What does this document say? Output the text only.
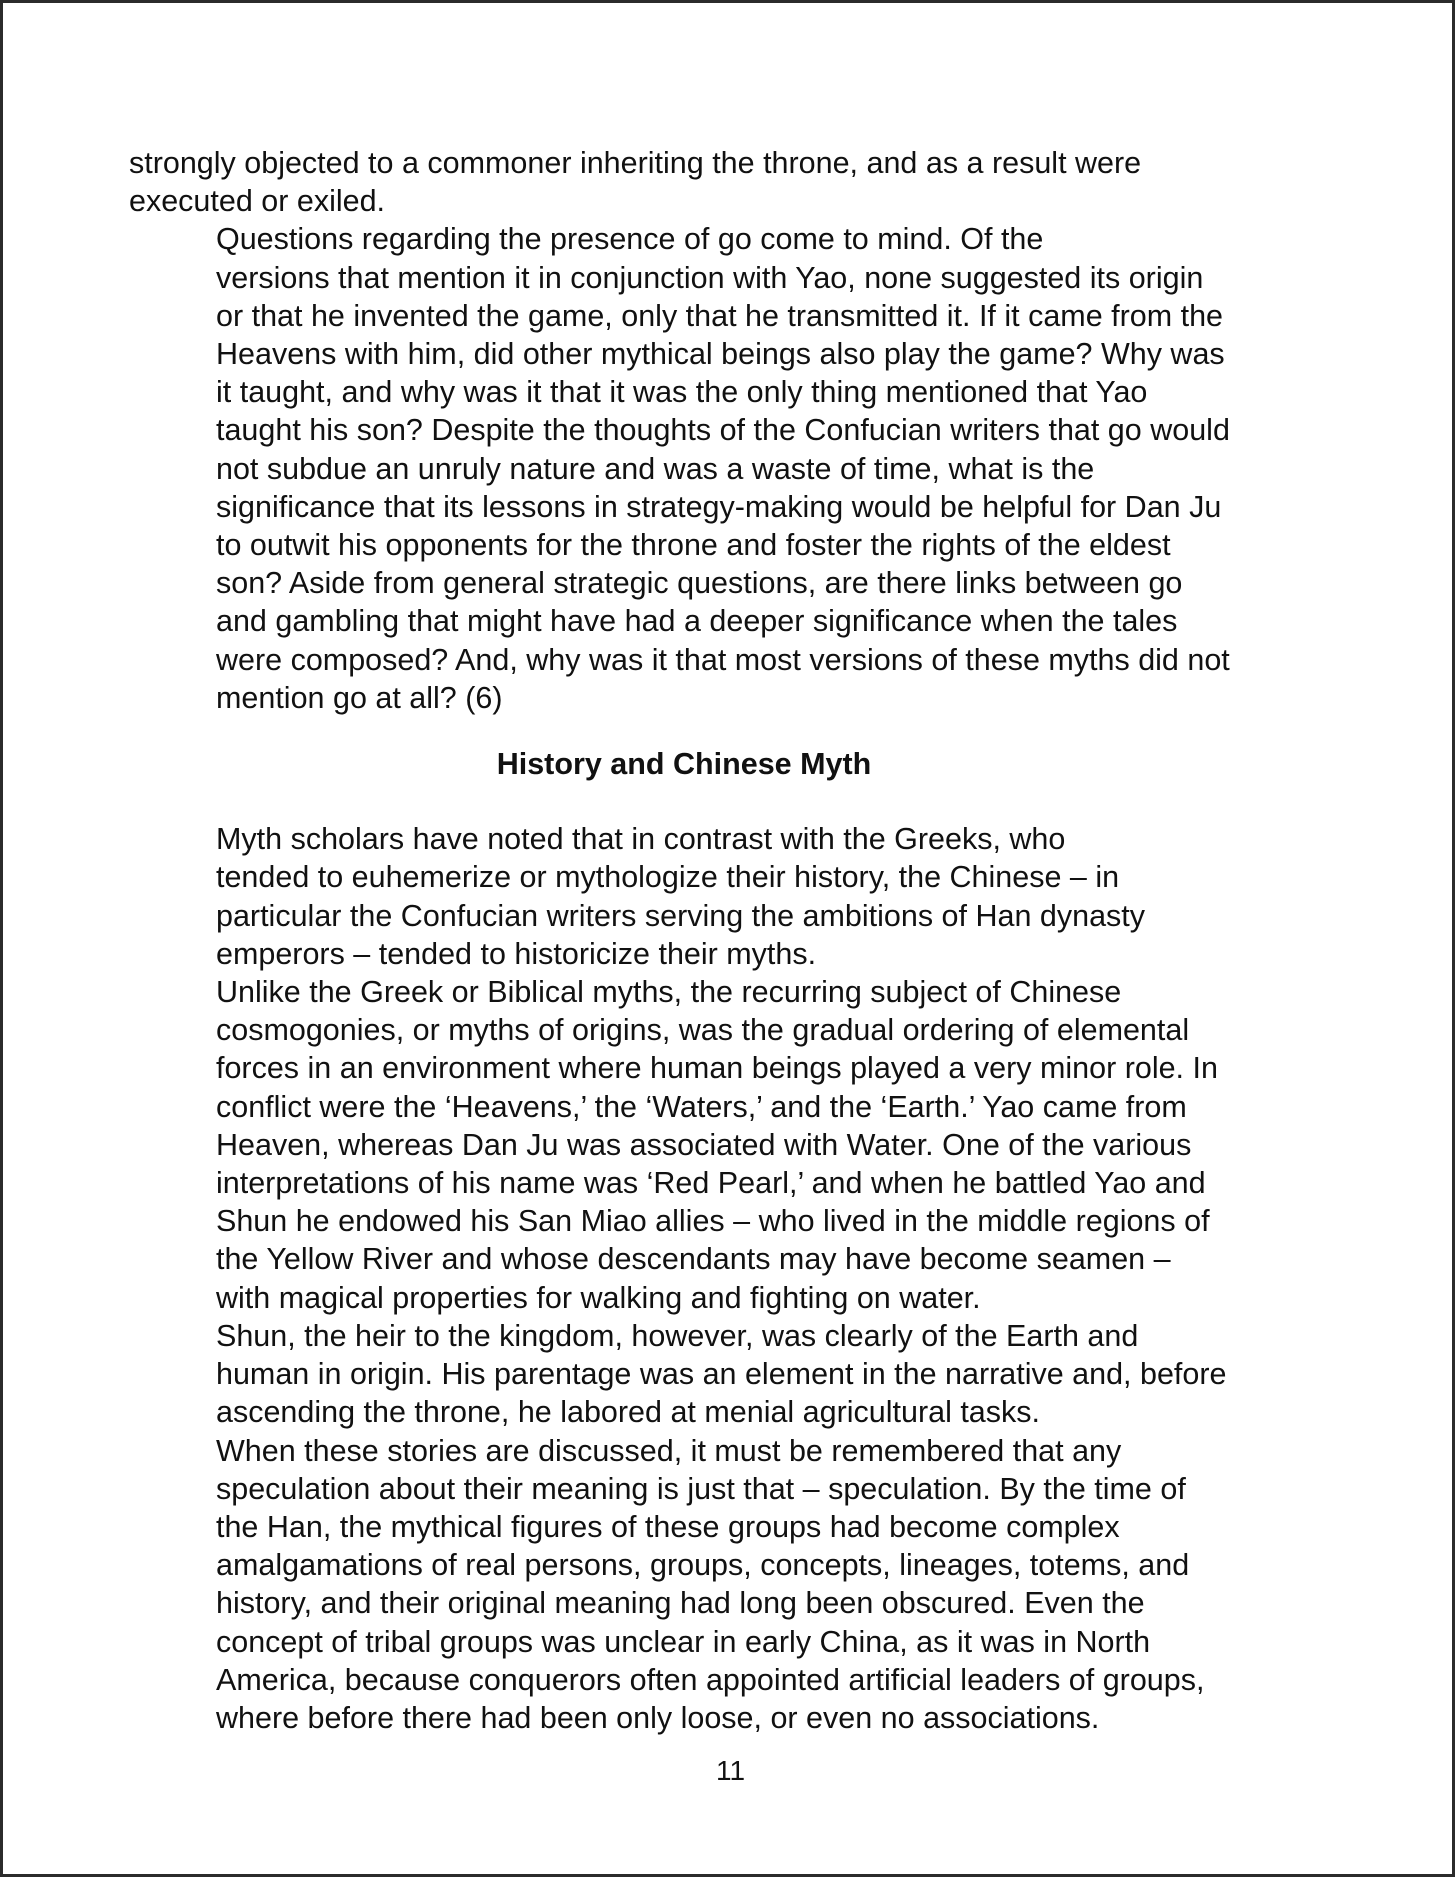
strongly objected to a commoner inheriting the throne, and as a result were
executed or exiled.

Questions regarding the presence of go come to mind. Of the
versions that mention it in conjunction with Yao, none suggested its origin
or that he invented the game, only that he transmitted it. If it came from the
Heavens with him, did other mythical beings also play the game? Why was
it taught, and why was it that it was the only thing mentioned that Yao
taught his son? Despite the thoughts of the Confucian writers that go would
not subdue an unruly nature and was a waste of time, what is the
significance that its lessons in strategy-making would be helpful for Dan Ju
to outwit his opponents for the throne and foster the rights of the eldest
son? Aside from general strategic questions, are there links between go
and gambling that might have had a deeper significance when the tales
were composed? And, why was it that most versions of these myths did not
mention go at all? (6)

History and Chinese Myth

Myth scholars have noted that in contrast with the Greeks, who
tended to euhemerize or mythologize their history, the Chinese – in
particular the Confucian writers serving the ambitions of Han dynasty
emperors – tended to historicize their myths.

Unlike the Greek or Biblical myths, the recurring subject of Chinese
cosmogonies, or myths of origins, was the gradual ordering of elemental
forces in an environment where human beings played a very minor role. In
conflict were the ‘Heavens,’ the ‘Waters,’ and the ‘Earth.’ Yao came from
Heaven, whereas Dan Ju was associated with Water. One of the various
interpretations of his name was ‘Red Pearl,’ and when he battled Yao and
Shun he endowed his San Miao allies – who lived in the middle regions of
the Yellow River and whose descendants may have become seamen –
with magical properties for walking and fighting on water.

Shun, the heir to the kingdom, however, was clearly of the Earth and
human in origin. His parentage was an element in the narrative and, before
ascending the throne, he labored at menial agricultural tasks.

When these stories are discussed, it must be remembered that any
speculation about their meaning is just that – speculation. By the time of
the Han, the mythical figures of these groups had become complex
amalgamations of real persons, groups, concepts, lineages, totems, and
history, and their original meaning had long been obscured. Even the
concept of tribal groups was unclear in early China, as it was in North
America, because conquerors often appointed artificial leaders of groups,
where before there had been only loose, or even no associations.

11
